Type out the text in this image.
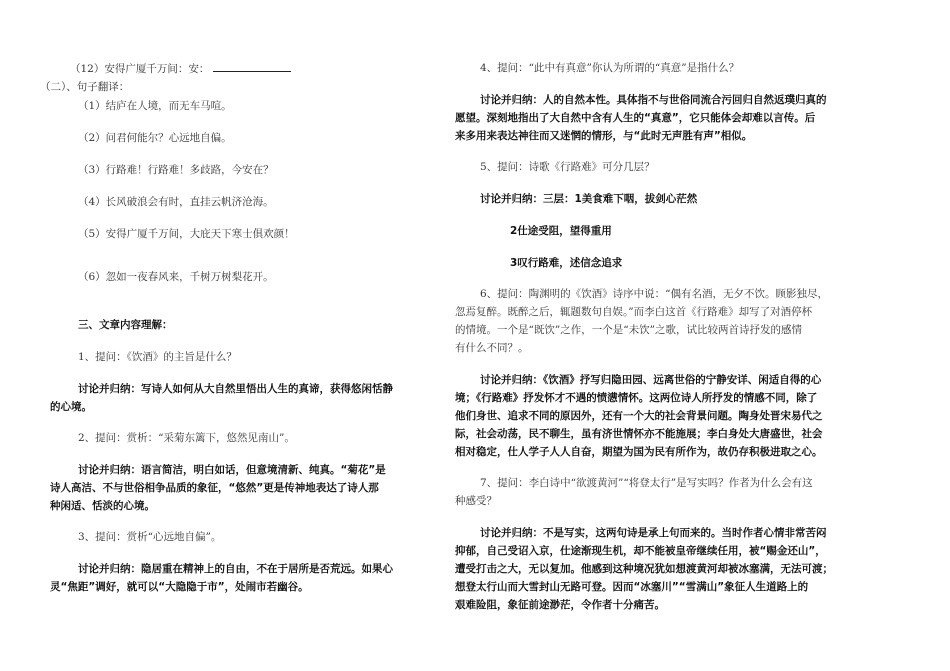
（12）安得广厦千万间：安：
（二）、句子翻译：
（1）结庐在人境，而无车马喧。
（2）问君何能尔？心远地自偏。
（3）行路难！行路难！多歧路，今安在？
（4）长风破浪会有时，直挂云帆济沧海。
（5）安得广厦千万间，大庇天下寒士俱欢颜！
（6）忽如一夜春风来，千树万树梨花开。
三、文章内容理解：
1、提问：《饮酒》的主旨是什么？
讨论并归纳：写诗人如何从大自然里悟出人生的真谛，获得悠闲恬静
的心境。
2、提问：赏析：“采菊东篱下，悠然见南山”。
讨论并归纳：语言简洁，明白如话，但意境清新、纯真。“菊花”是
诗人高洁、不与世俗相争品质的象征，“悠然”更是传神地表达了诗人那
种闲适、恬淡的心境。
3、提问：赏析“心远地自偏”。
讨论并归纳：隐居重在精神上的自由，不在于居所是否荒远。如果心
灵“焦距”调好，就可以“大隐隐于市”，处闹市若幽谷。
4、提问：“此中有真意”你认为所谓的“真意”是指什么？
讨论并归纳：人的自然本性。具体指不与世俗同流合污回归自然返璞归真的
愿望。深刻地指出了大自然中含有人生的“真意”，它只能体会却难以言传。后
来多用来表达神往而又迷惘的情形，与“此时无声胜有声”相似。
5、提问：诗歌《行路难》可分几层？
讨论并归纳：三层：1美食难下咽，拔剑心茫然
2仕途受阻，望得重用
3叹行路难，述信念追求
6、提问：陶渊明的《饮酒》诗序中说：“偶有名酒，无夕不饮。顾影独尽，
忽焉复醉。既醉之后，辄题数句自娱。”而李白这首《行路难》却写了对酒停杯
的情境。一个是“既饮”之作，一个是“未饮”之歌，试比较两首诗抒发的感情
有什么不同？。
讨论并归纳：《饮酒》抒写归隐田园、远离世俗的宁静安详、闲适自得的心
境；《行路难》抒发怀才不遇的愤懑情怀。这两位诗人所抒发的情感不同，除了
他们身世、追求不同的原因外，还有一个大的社会背景问题。陶身处晋宋易代之
际，社会动荡，民不聊生，虽有济世情怀亦不能施展；李白身处大唐盛世，社会
相对稳定，仕人学子人人自奋，期望为国为民有所作为，故仍存积极进取之心。
7、提问：李白诗中“欲渡黄河”“将登太行”是写实吗？作者为什么会有这
种感受？
讨论并归纳：不是写实，这两句诗是承上句而来的。当时作者心情非常苦闷
抑郁，自己受诏入京，仕途渐现生机，却不能被皇帝继续任用，被“赐金还山”，
遭受打击之大，无以复加。他感到这种境况犹如想渡黄河却被冰塞满，无法可渡；
想登太行山而大雪封山无路可登。因而“冰塞川”“雪满山”象征人生道路上的
艰难险阻，象征前途渺茫，令作者十分痛苦。
